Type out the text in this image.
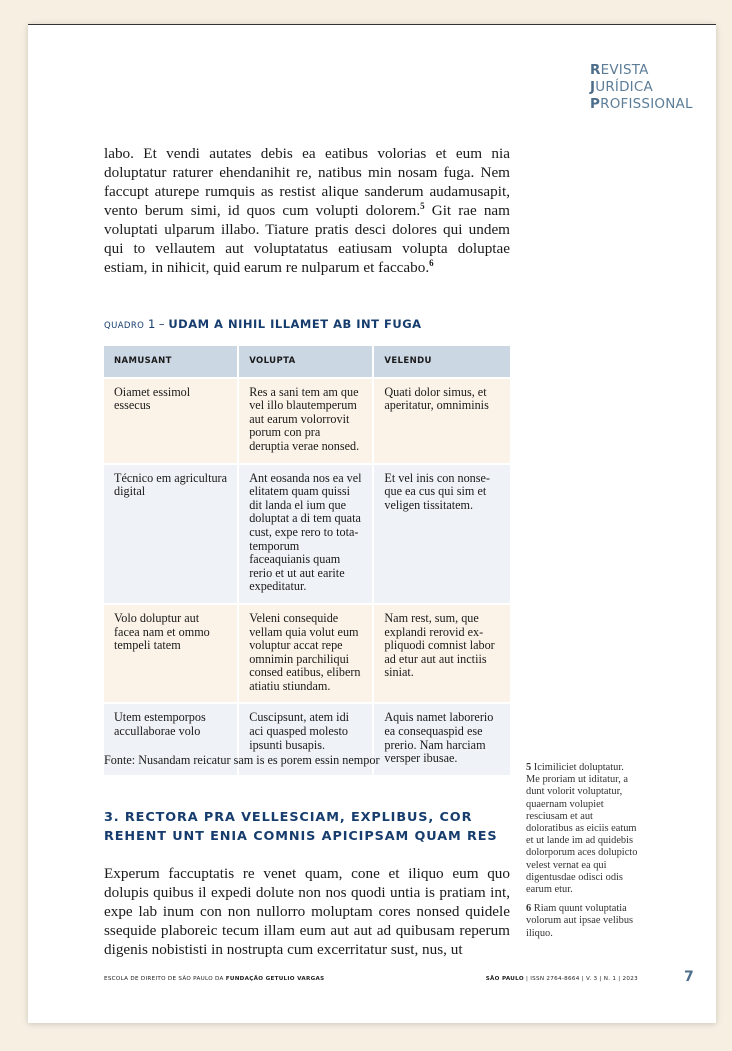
REVISTA
JURÍDICA
PROFISSIONAL
labo. Et vendi autates debis ea eatibus volorias et eum nia doluptatur raturer ehendanihit re, natibus min nosam fuga. Nem faccupt aturepe rumquis as restist alique sanderum audamusapit, vento berum simi, id quos cum volupti dolorem.$^5$ Git rae nam voluptati ulparum illabo. Tiature pratis desci dolores qui undem qui to vellautem aut voluptatatus eatiusam volupta doluptae estiam, in nihicit, quid earum re nulparum et faccabo.$^6$
QUADRO 1 – UDAM A NIHIL ILLAMET AB INT FUGA
NAMUSANT	VOLUPTA	VELENDU
Oiamet essimol essecus	Res a sani tem am que vel illo blautemperum aut earum volorrovit porum con pra deruptia verae nonsed.	Quati dolor simus, et aperitatur, omniminis
Técnico em agricultura digital	Ant eosanda nos ea vel elitatem quam quissi dit landa el ium que doluptat a di tem quata cust, expe rero to tota-temporum faceaquianis quam rerio et ut aut earite expeditatur.	Et vel inis con nonse-que ea cus qui sim et veligen tissitatem.
Volo doluptur aut facea nam et ommo tempeli tatem	Veleni consequide vellam quia volut eum voluptur accat repe omnimin parchiliqui consed eatibus, elibern atiatiu stiundam.	Nam rest, sum, que explandi rerovid ex-pliquodi comnist labor ad etur aut aut inctiis siniat.
Utem estemporpos accullaborae volo	Cuscipsunt, atem idi aci quasped molesto ipsunti busapis.	Aquis namet laborerio ea consequaspid ese prerio. Nam harciam versper ibusae.
Fonte: Nusandam reicatur sam is es porem essin nempor
5 Icimiliciet doluptatur. Me proriam ut iditatur, a dunt volorit voluptatur, quaernam volupiet resciusam et aut doloratibus as eiciis eatum et ut lande im ad quidebis dolorporum aces dolupicto velest vernat ea qui digentusdae odisci odis earum etur.
6 Riam quunt voluptatia volorum aut ipsae velibus iliquo.
3. RECTORA PRA VELLESCIAM, EXPLIBUS, COR REHENT UNT ENIA COMNIS APICIPSAM QUAM RES
Experum faccuptatis re venet quam, cone et iliquo eum quo dolupis quibus il expedi dolute non nos quodi untia is pratiam int, expe lab inum con non nullorro moluptam cores nonsed quidele ssequide plaboreic tecum illam eum aut aut ad quibusam reperum digenis nobististi in nostrupta cum excerritatur sust, nus, ut
ESCOLA DE DIREITO DE SÃO PAULO DA FUNDAÇÃO GETULIO VARGAS	SÃO PAULO | ISSN 2764-8664 | V. 3 | N. 1 | 2023	7
